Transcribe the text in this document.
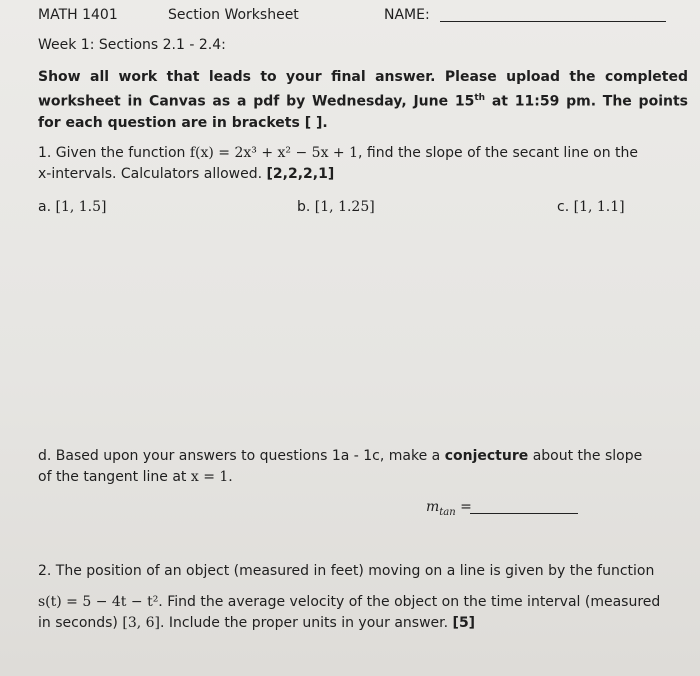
MATH 1401	Section Worksheet	NAME:
Week 1: Sections 2.1 - 2.4:
Show all work that leads to your final answer. Please upload the completed worksheet in Canvas as a pdf by Wednesday, June 15th at 11:59 pm. The points for each question are in brackets [ ].
1. Given the function f(x) = 2x³ + x² − 5x + 1, find the slope of the secant line on the x-intervals. Calculators allowed. [2,2,2,1]
a. [1, 1.5]	b. [1, 1.25]	c. [1, 1.1]
d. Based upon your answers to questions 1a - 1c, make a conjecture about the slope of the tangent line at x = 1.
$m_{tan}$ =
2. The position of an object (measured in feet) moving on a line is given by the function
s(t) = 5 − 4t − t². Find the average velocity of the object on the time interval (measured in seconds) [3, 6]. Include the proper units in your answer. [5]
